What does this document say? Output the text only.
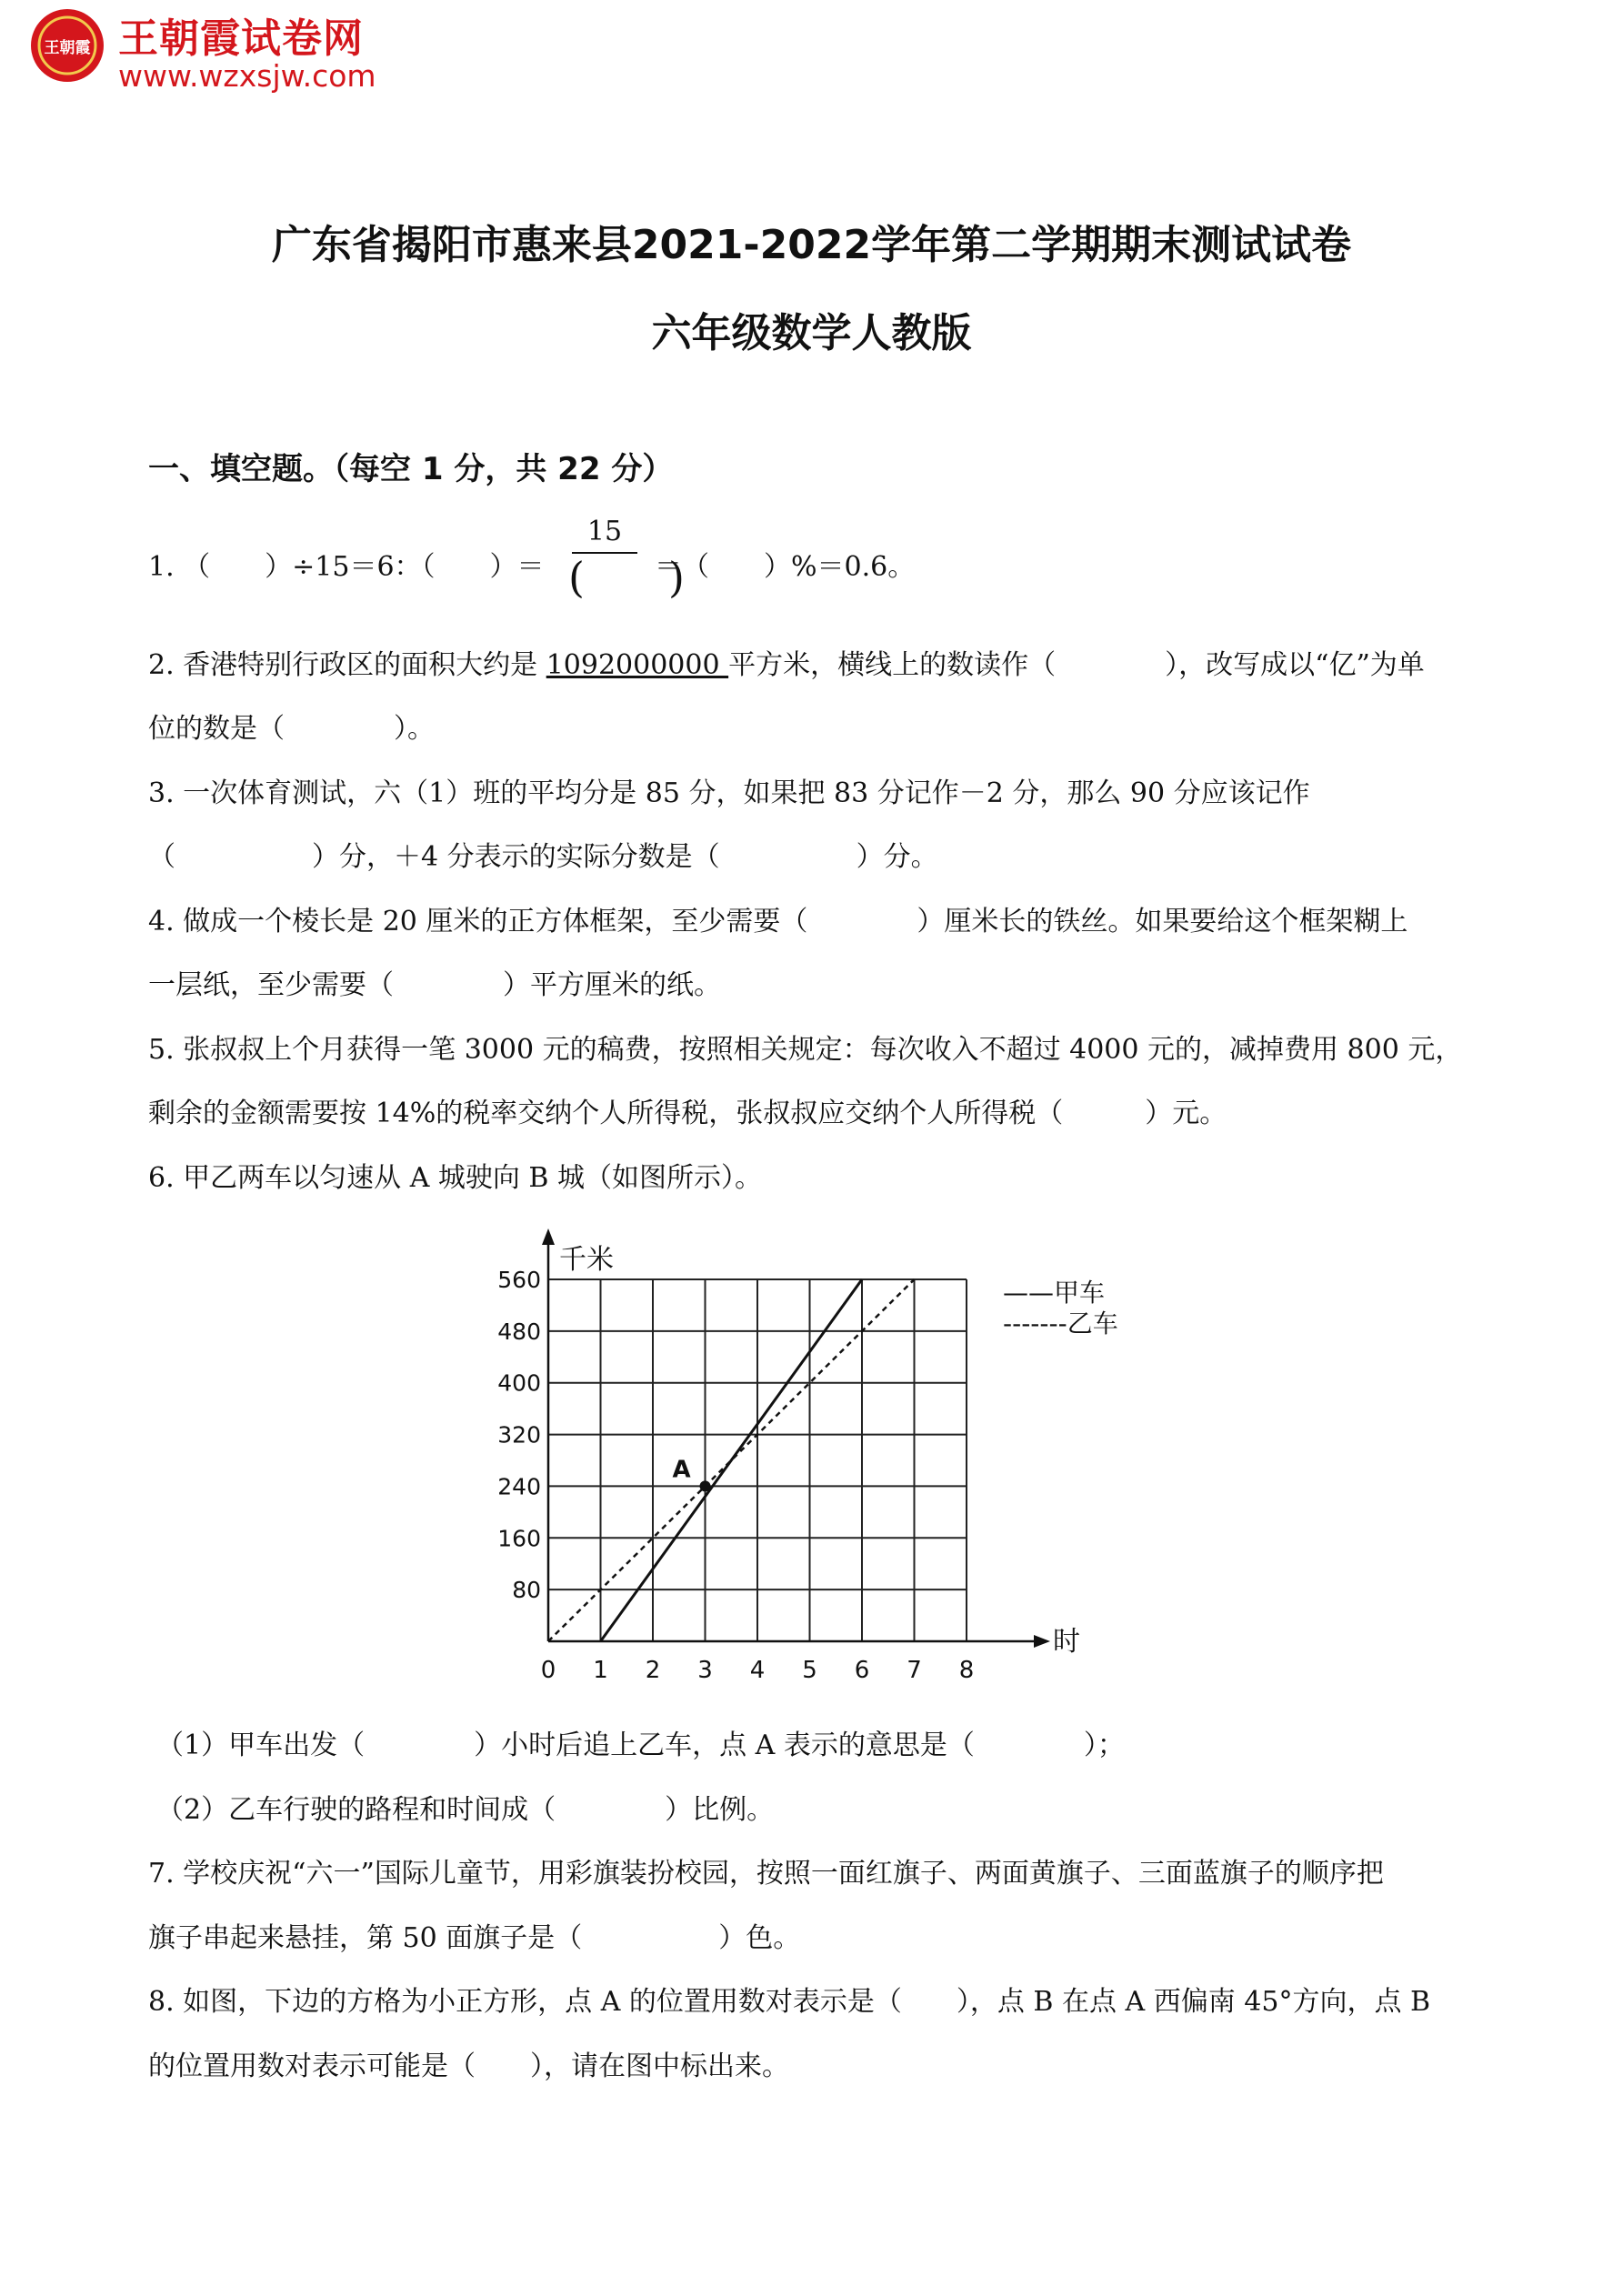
王朝霞 王朝霞试卷网
www.wzxsjw.com
广东省揭阳市惠来县2021-2022学年第二学期期末测试试卷
六年级数学人教版
一、填空题。（每空 1 分，共 22 分）
1. （　　）÷15＝6：（　　）＝
15
(　　)
＝（　　）%＝0.6。
2. 香港特别行政区的面积大约是 1092000000 平方米，横线上的数读作（　　　　），改写成以“亿”为单
位的数是（　　　　）。
3. 一次体育测试，六（1）班的平均分是 85 分，如果把 83 分记作－2 分，那么 90 分应该记作
（　　　　　）分，＋4 分表示的实际分数是（　　　　　）分。
4. 做成一个棱长是 20 厘米的正方体框架，至少需要（　　　　）厘米长的铁丝。如果要给这个框架糊上
一层纸，至少需要（　　　　）平方厘米的纸。
5. 张叔叔上个月获得一笔 3000 元的稿费，按照相关规定：每次收入不超过 4000 元的，减掉费用 800 元，
剩余的金额需要按 14%的税率交纳个人所得税，张叔叔应交纳个人所得税（　　　）元。
6. 甲乙两车以匀速从 A 城驶向 B 城（如图所示）。
0 1 2 3 4 5 6 7 8
80
160
240
320
400
480
560
千米
时
——甲车
-------乙车
A
（1）甲车出发（　　　　）小时后追上乙车，点 A 表示的意思是（　　　　）；
（2）乙车行驶的路程和时间成（　　　　）比例。
7. 学校庆祝“六一”国际儿童节，用彩旗装扮校园，按照一面红旗子、两面黄旗子、三面蓝旗子的顺序把
旗子串起来悬挂，第 50 面旗子是（　　　　　）色。
8. 如图，下边的方格为小正方形，点 A 的位置用数对表示是（　　），点 B 在点 A 西偏南 45°方向，点 B
的位置用数对表示可能是（　　），请在图中标出来。
